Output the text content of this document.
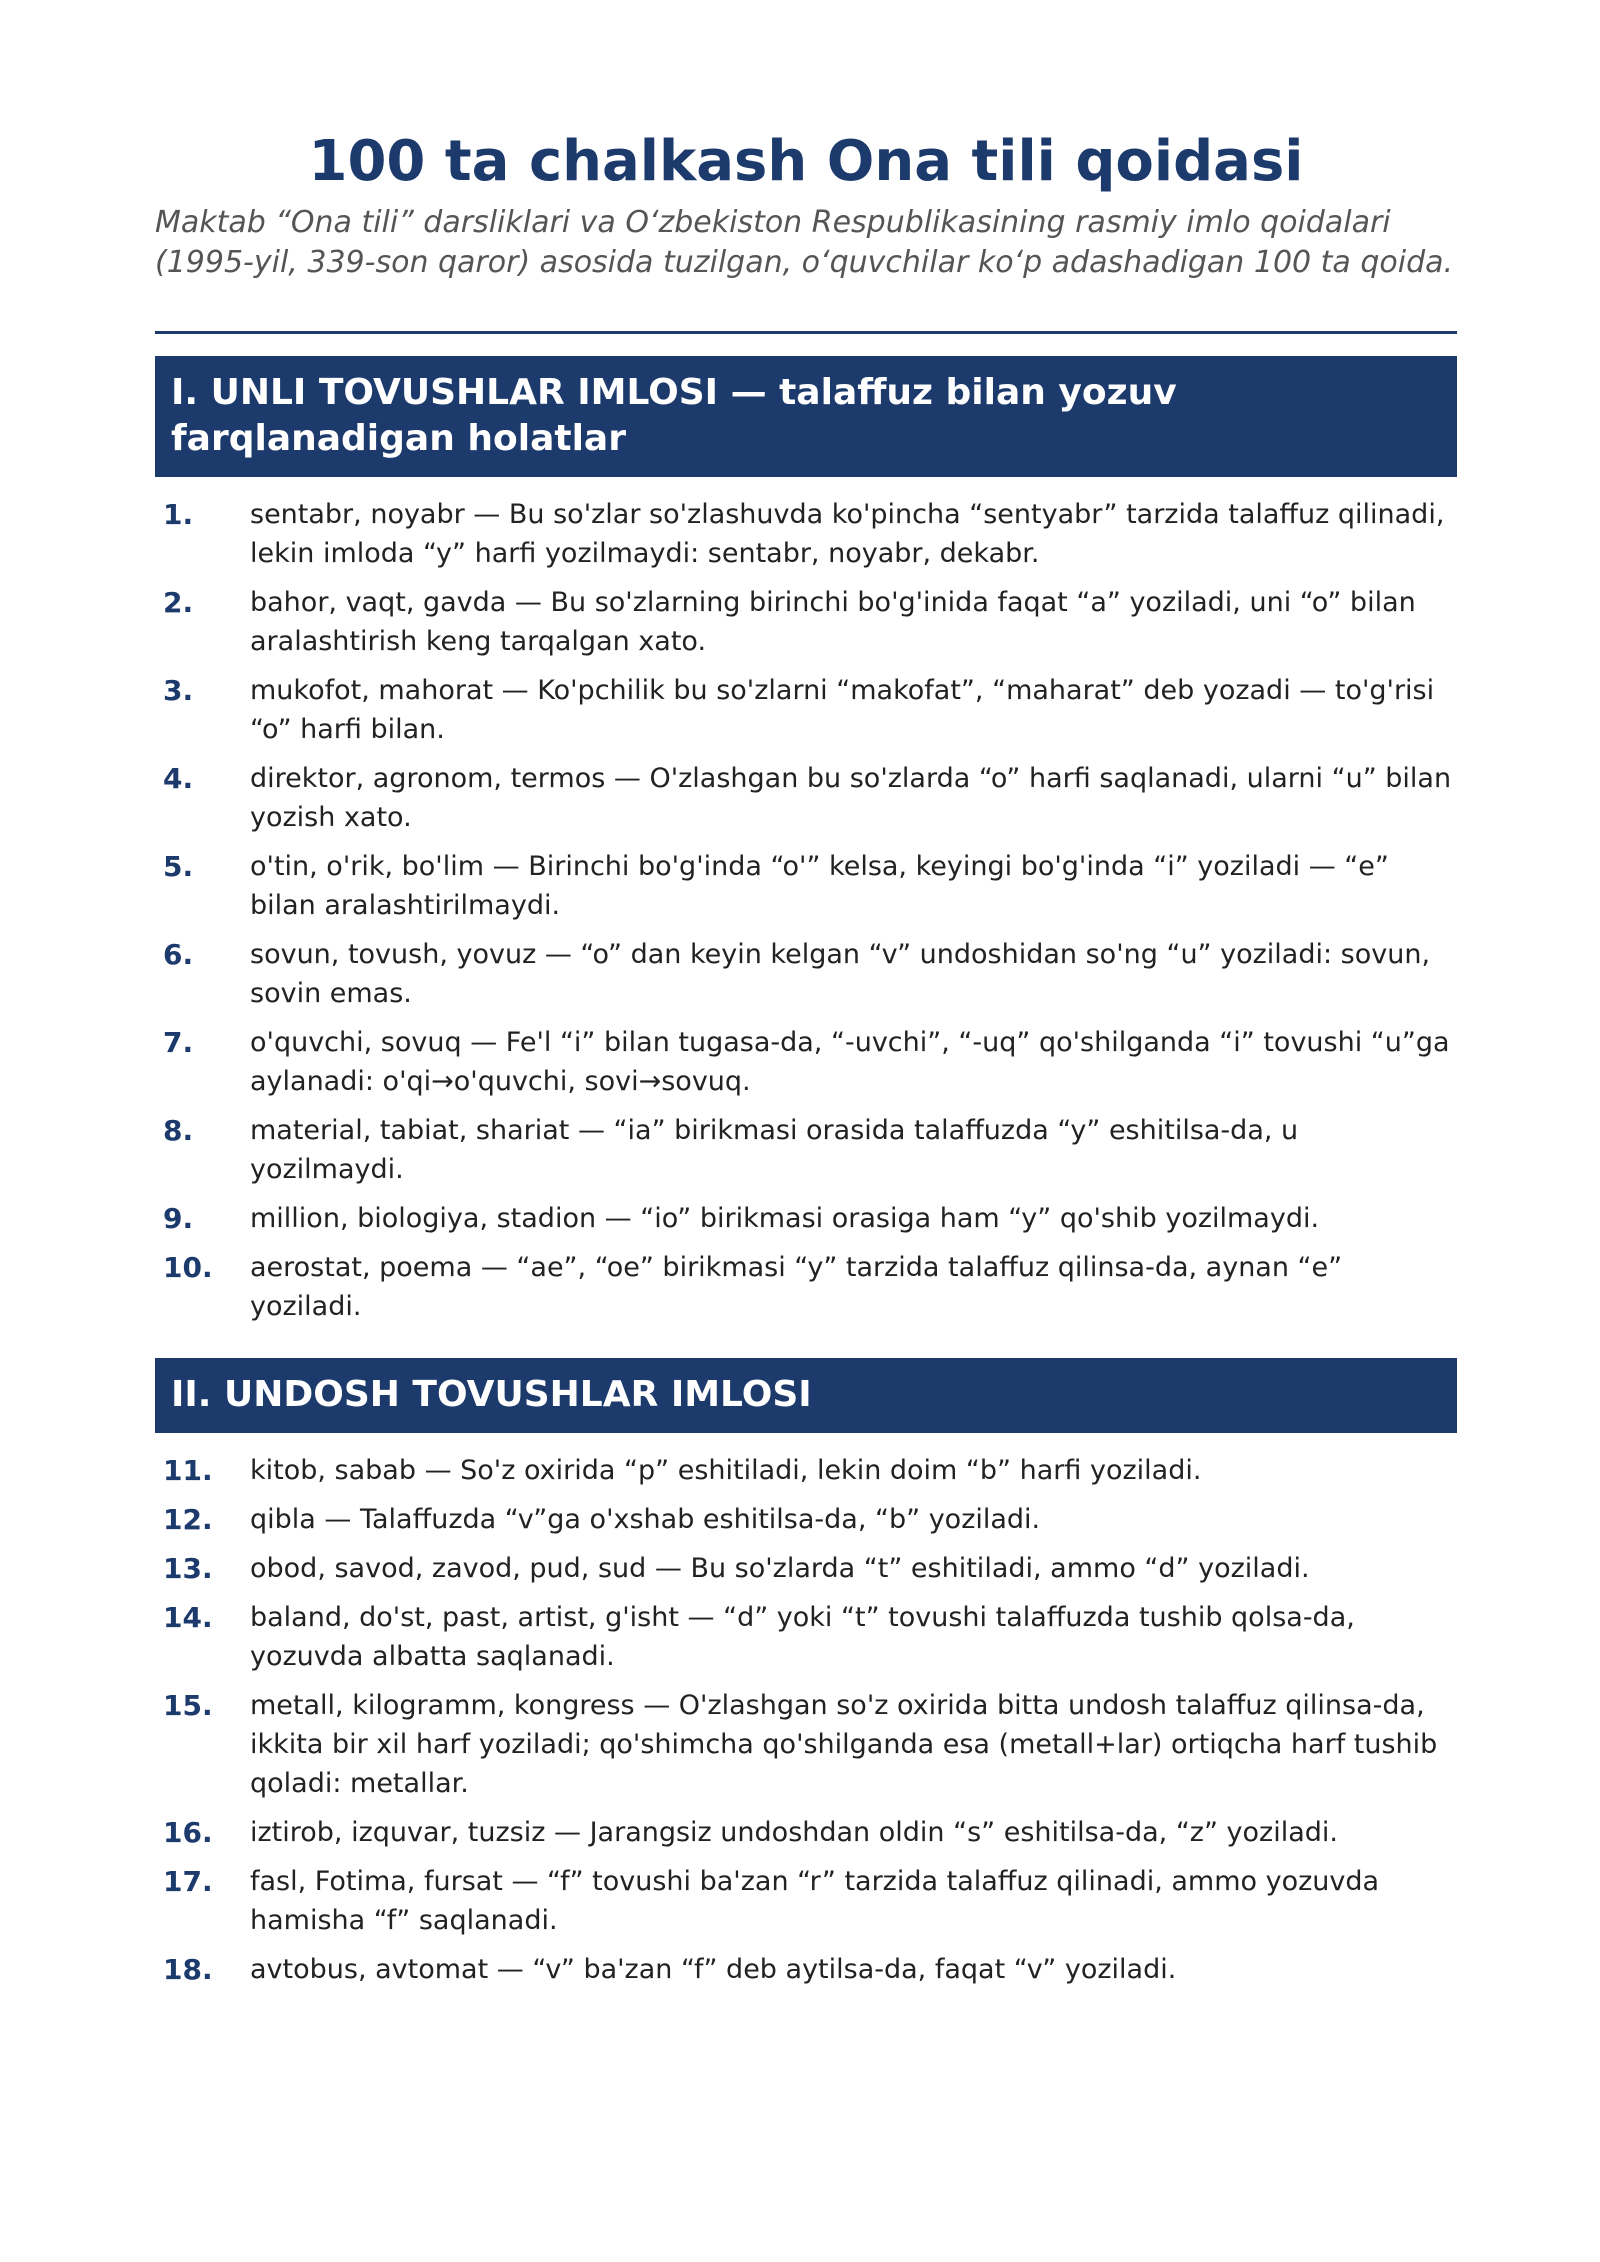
100 ta chalkash Ona tili qoidasi

Maktab “Ona tili” darsliklari va O‘zbekiston Respublikasining rasmiy imlo qoidalari (1995-yil, 339-son qaror) asosida tuzilgan, o‘quvchilar ko‘p adashadigan 100 ta qoida.

I. UNLI TOVUSHLAR IMLOSI — talaffuz bilan yozuv farqlanadigan holatlar
1.	sentabr, noyabr — Bu so'zlar so'zlashuvda ko'pincha “sentyabr” tarzida talaffuz qilinadi, lekin imloda “y” harfi yozilmaydi: sentabr, noyabr, dekabr.
2.	bahor, vaqt, gavda — Bu so'zlarning birinchi bo'g'inida faqat “a” yoziladi, uni “o” bilan aralashtirish keng tarqalgan xato.
3.	mukofot, mahorat — Ko'pchilik bu so'zlarni “makofat”, “maharat” deb yozadi — to'g'risi “o” harfi bilan.
4.	direktor, agronom, termos — O'zlashgan bu so'zlarda “o” harfi saqlanadi, ularni “u” bilan yozish xato.
5.	o'tin, o'rik, bo'lim — Birinchi bo'g'inda “o'” kelsa, keyingi bo'g'inda “i” yoziladi — “e” bilan aralashtirilmaydi.
6.	sovun, tovush, yovuz — “o” dan keyin kelgan “v” undoshidan so'ng “u” yoziladi: sovun, sovin emas.
7.	o'quvchi, sovuq — Fe'l “i” bilan tugasa-da, “-uvchi”, “-uq” qo'shilganda “i” tovushi “u”ga aylanadi: o'qi→o'quvchi, sovi→sovuq.
8.	material, tabiat, shariat — “ia” birikmasi orasida talaffuzda “y” eshitilsa-da, u yozilmaydi.
9.	million, biologiya, stadion — “io” birikmasi orasiga ham “y” qo'shib yozilmaydi.
10.	aerostat, poema — “ae”, “oe” birikmasi “y” tarzida talaffuz qilinsa-da, aynan “e” yoziladi.
II. UNDOSH TOVUSHLAR IMLOSI
11.	kitob, sabab — So'z oxirida “p” eshitiladi, lekin doim “b” harfi yoziladi.
12.	qibla — Talaffuzda “v”ga o'xshab eshitilsa-da, “b” yoziladi.
13.	obod, savod, zavod, pud, sud — Bu so'zlarda “t” eshitiladi, ammo “d” yoziladi.
14.	baland, do'st, past, artist, g'isht — “d” yoki “t” tovushi talaffuzda tushib qolsa-da, yozuvda albatta saqlanadi.
15.	metall, kilogramm, kongress — O'zlashgan so'z oxirida bitta undosh talaffuz qilinsa-da, ikkita bir xil harf yoziladi; qo'shimcha qo'shilganda esa (metall+lar) ortiqcha harf tushib qoladi: metallar.
16.	iztirob, izquvar, tuzsiz — Jarangsiz undoshdan oldin “s” eshitilsa-da, “z” yoziladi.
17.	fasl, Fotima, fursat — “f” tovushi ba'zan “r” tarzida talaffuz qilinadi, ammo yozuvda hamisha “f” saqlanadi.
18.	avtobus, avtomat — “v” ba'zan “f” deb aytilsa-da, faqat “v” yoziladi.
